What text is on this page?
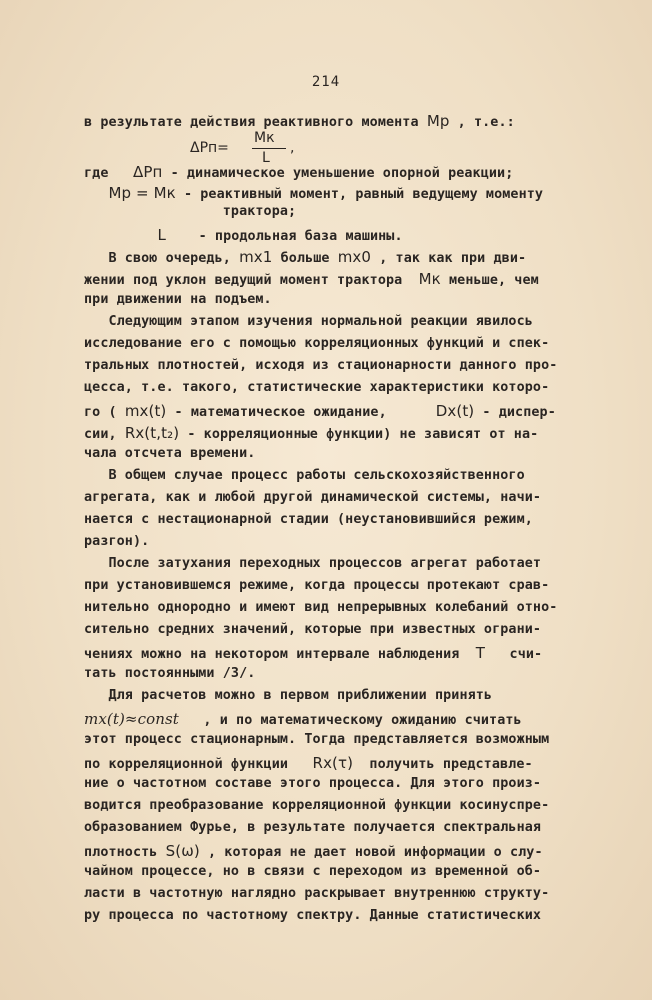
214
ΔPп=
Mк
L
,
в результате действия реактивного момента Mр , т.е.:
где   ΔPп - динамическое уменьшение опорной реакции;
Mр = Mк - реактивный момент, равный ведущему моменту
трактора;
L    - продольная база машины.
В свою очередь, mx1 больше mx0 , так как при дви-
жении под уклон ведущий момент трактора  Mк меньше, чем
при движении на подъем.
Следующим этапом изучения нормальной реакции явилось
исследование его с помощью корреляционных функций и спек-
тральных плотностей, исходя из стационарности данного про-
цесса, т.е. такого, статистические характеристики которо-
го ( mx(t) - математическое ожидание,      Dx(t) - диспер-
сии, Rx(t,t₂) - корреляционные функции) не зависят от на-
чала отсчета времени.
В общем случае процесс работы сельскохозяйственного
агрегата, как и любой другой динамической системы, начи-
нается с нестационарной стадии (неустановившийся режим,
разгон).
После затухания переходных процессов агрегат работает
при установившемся режиме, когда процессы протекают срав-
нительно однородно и имеют вид непрерывных колебаний отно-
сительно средних значений, которые при известных ограни-
чениях можно на некотором интервале наблюдения  T   счи-
тать постоянными /3/.
Для расчетов можно в первом приближении принять
mx(t)≈const   , и по математическому ожиданию считать
этот процесс стационарным. Тогда представляется возможным
по корреляционной функции   Rx(τ)  получить представле-
ние о частотном составе этого процесса. Для этого произ-
водится преобразование корреляционной функции косинуспре-
образованием Фурье, в результате получается спектральная
плотность S(ω) , которая не дает новой информации о слу-
чайном процессе, но в связи с переходом из временной об-
ласти в частотную наглядно раскрывает внутреннюю структу-
ру процесса по частотному спектру. Данные статистических
